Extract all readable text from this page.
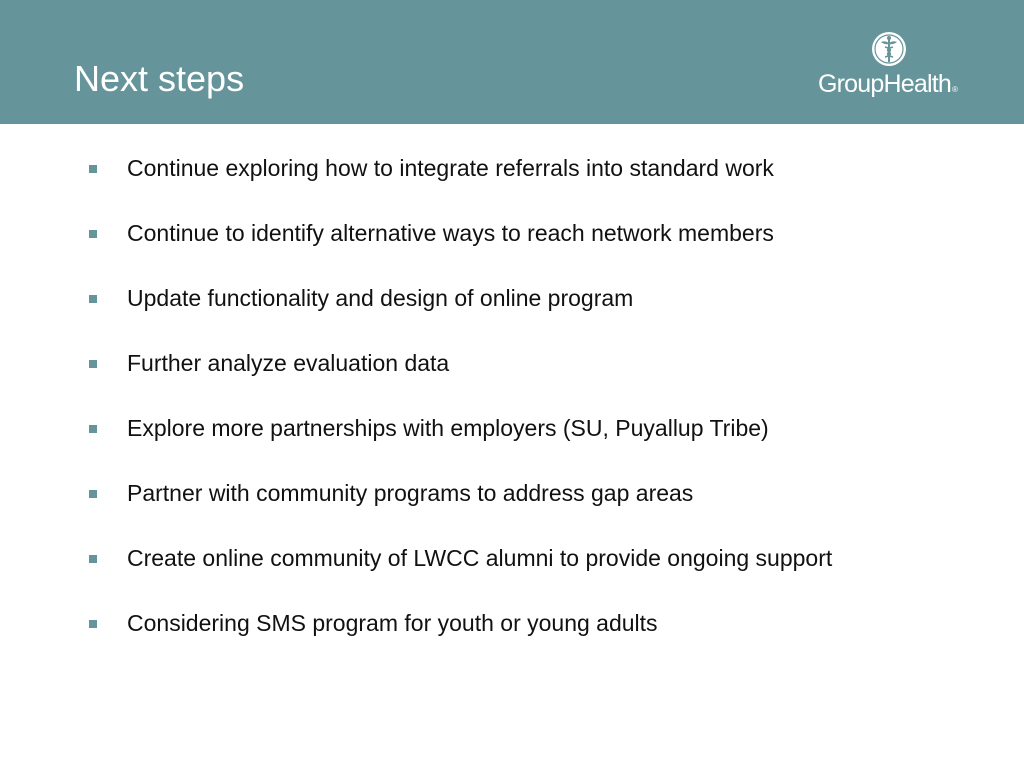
Next steps	GroupHealth®
Continue exploring how to integrate referrals into standard work
Continue to identify alternative ways to reach network members
Update functionality and design of online program
Further analyze evaluation data
Explore more partnerships with employers (SU, Puyallup Tribe)
Partner with community programs to address gap areas
Create online community of LWCC alumni to provide ongoing support
Considering SMS program for youth or young adults
